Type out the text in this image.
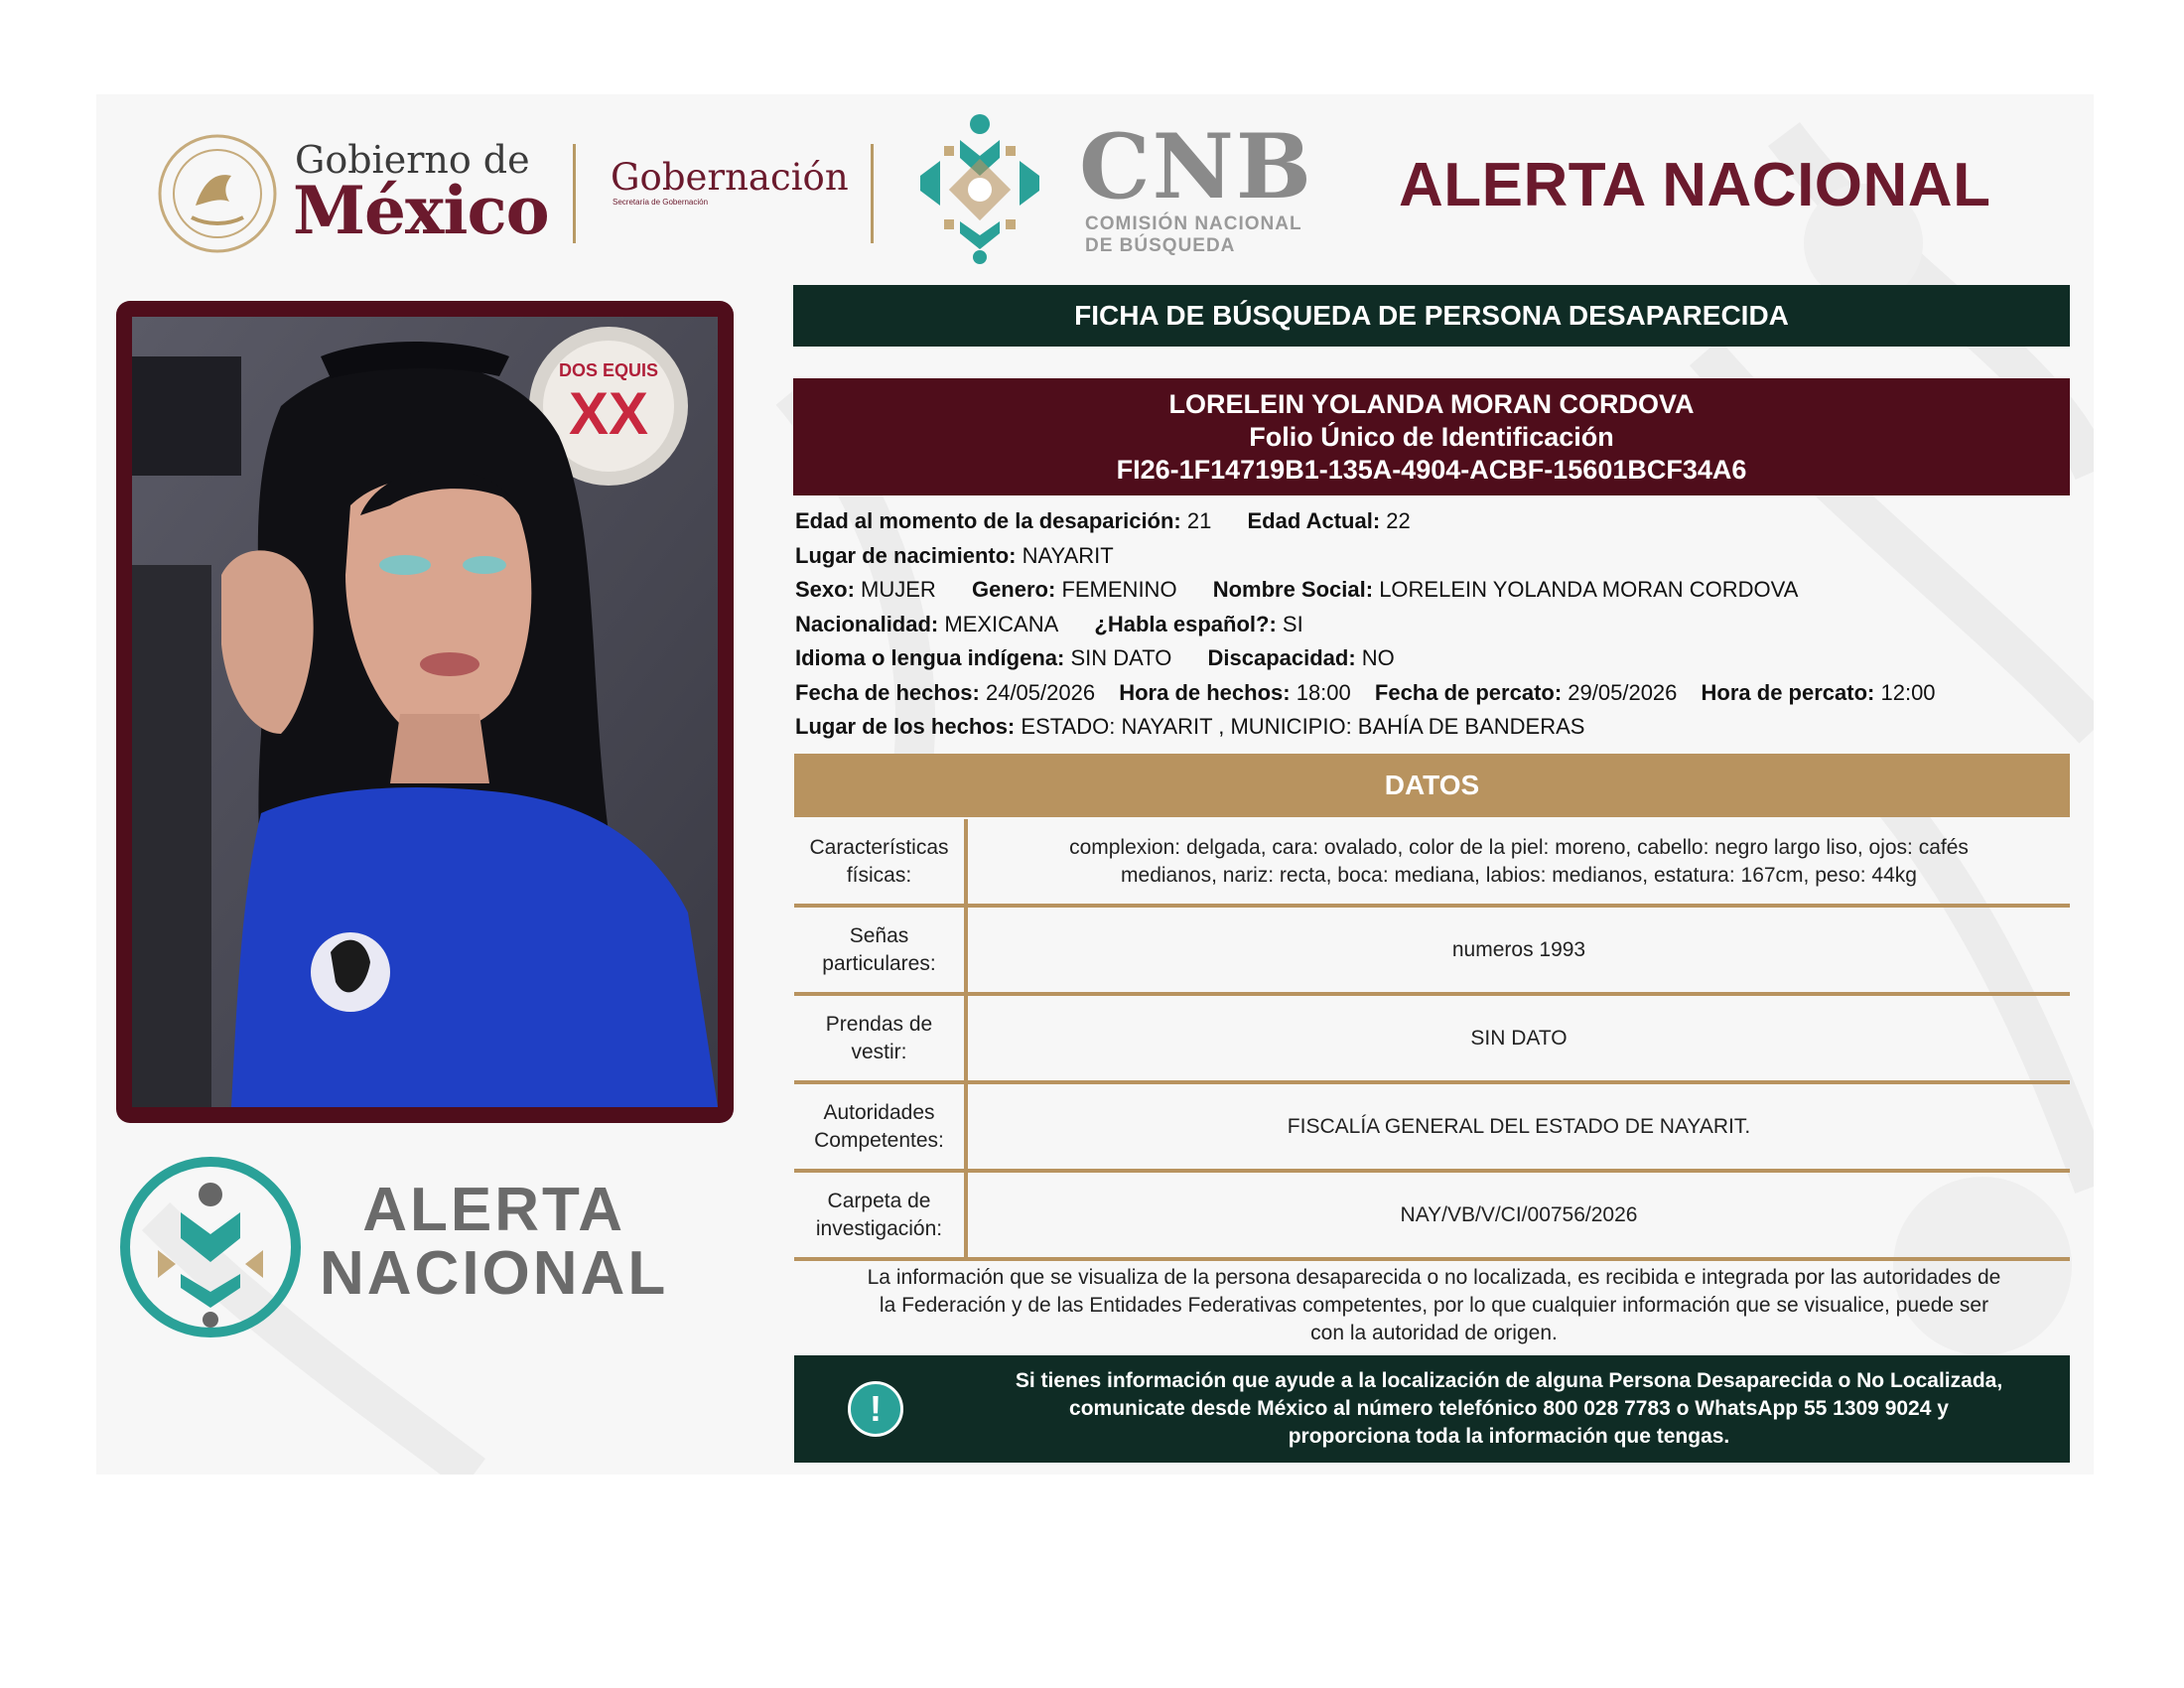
Gobierno de
México Gobernación
Secretaría de Gobernación	CNB
COMISIÓN NACIONAL
DE BÚSQUEDA
ALERTA NACIONAL
DOS EQUIS
XX
ALERTA
NACIONAL
FICHA DE BÚSQUEDA DE PERSONA DESAPARECIDA
LORELEIN YOLANDA MORAN CORDOVA
Folio Único de Identificación
FI26-1F14719B1-135A-4904-ACBF-15601BCF34A6
Edad al momento de la desaparición: 21 Edad Actual: 22
Lugar de nacimiento: NAYARIT
Sexo: MUJER Genero: FEMENINO Nombre Social: LORELEIN YOLANDA MORAN CORDOVA
Nacionalidad: MEXICANA ¿Habla español?: SI
Idioma o lengua indígena: SIN DATO Discapacidad: NO
Fecha de hechos: 24/05/2026 Hora de hechos: 18:00 Fecha de percato: 29/05/2026 Hora de percato: 12:00
Lugar de los hechos: ESTADO: NAYARIT , MUNICIPIO: BAHÍA DE BANDERAS
DATOS
Características
físicas:
complexion: delgada, cara: ovalado, color de la piel: moreno, cabello: negro largo liso, ojos: cafés
medianos, nariz: recta, boca: mediana, labios: medianos, estatura: 167cm, peso: 44kg
Señas
particulares:
numeros 1993
Prendas de
vestir:
SIN DATO
Autoridades
Competentes:
FISCALÍA GENERAL DEL ESTADO DE NAYARIT.
Carpeta de
investigación:
NAY/VB/V/CI/00756/2026
La información que se visualiza de la persona desaparecida o no localizada, es recibida e integrada por las autoridades de
la Federación y de las Entidades Federativas competentes, por lo que cualquier información que se visualice, puede ser
con la autoridad de origen.
!
Si tienes información que ayude a la localización de alguna Persona Desaparecida o No Localizada,
comunicate desde México al número telefónico 800 028 7783 o WhatsApp 55 1309 9024 y
proporciona toda la información que tengas.
